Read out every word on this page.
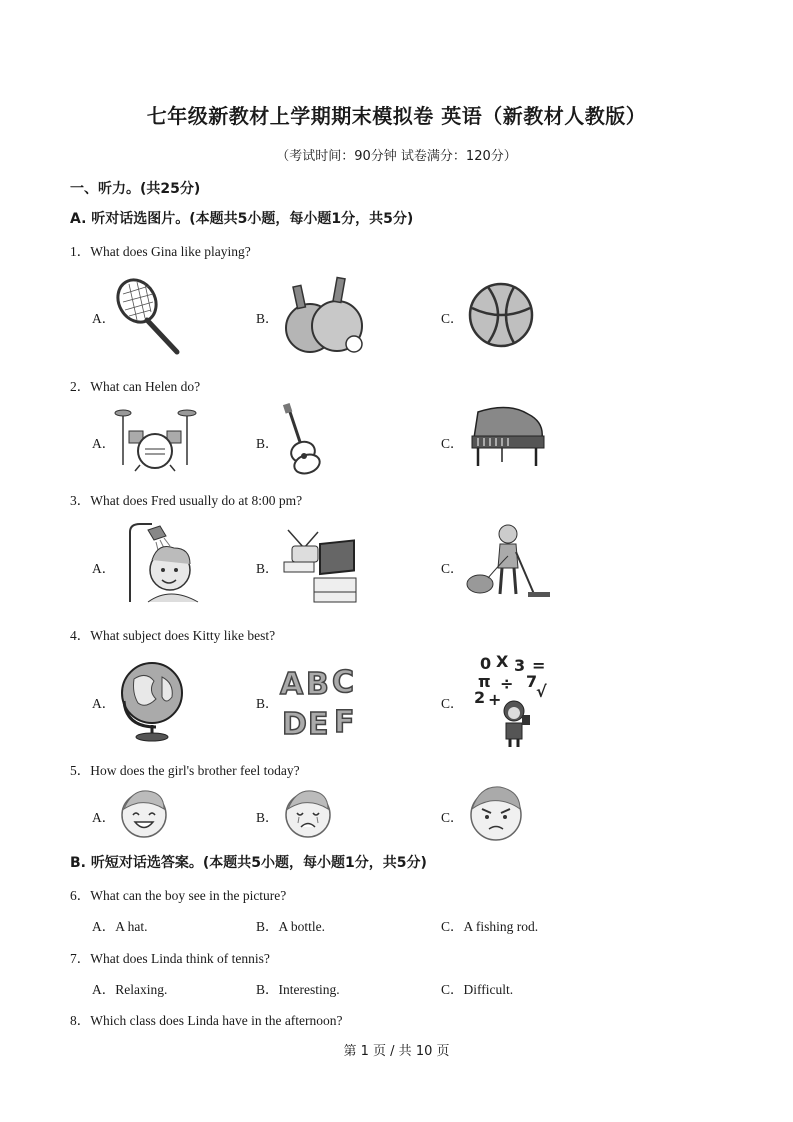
七年级新教材上学期期末模拟卷 英语（新教材人教版）
（考试时间：90分钟 试卷满分：120分）
一、听力。(共25分)
A. 听对话选图片。(本题共5小题，每小题1分，共5分)
1．What does Gina like playing?
A．	B．	C．
2．What can Helen do?
A．	B．	C．
3．What does Fred usually do at 8:00 pm?
A．	B．	C．
4．What subject does Kitty like best?
A．	B．	C．
A B C
D E F
0 X 3 =
π ÷ 7
2 + √
5．How does the girl's brother feel today?
A．	B．	C．
B. 听短对话选答案。(本题共5小题，每小题1分，共5分)
6．What can the boy see in the picture?
A．A hat.	B．A bottle.	C．A fishing rod.
7．What does Linda think of tennis?
A．Relaxing.	B．Interesting.	C．Difficult.
8．Which class does Linda have in the afternoon?
第 1 页 / 共 10 页
